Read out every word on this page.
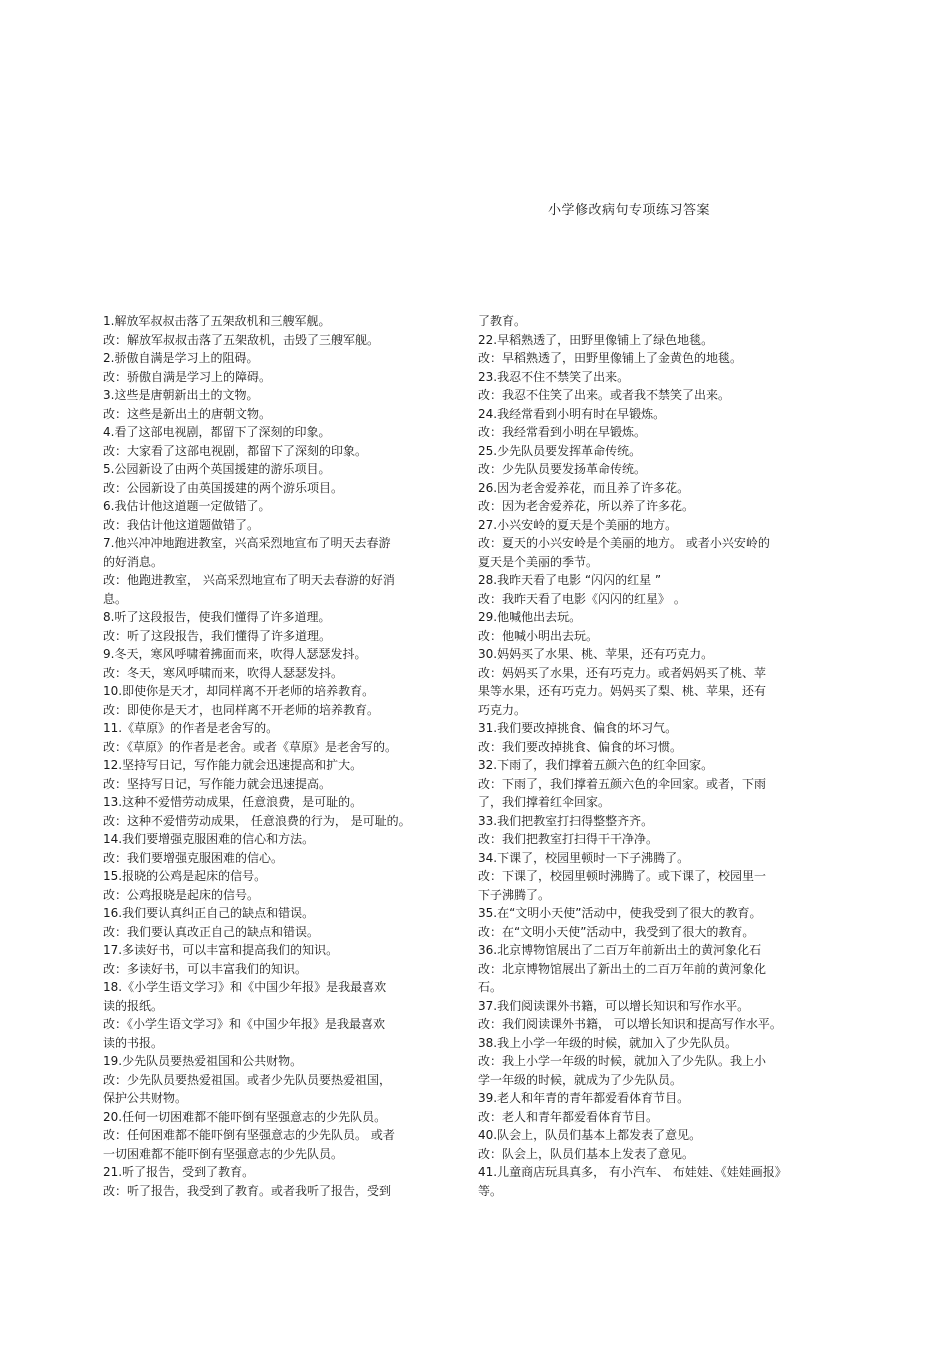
小学修改病句专项练习答案
1.解放军叔叔击落了五架敌机和三艘军舰。
改：解放军叔叔击落了五架敌机，击毁了三艘军舰。
2.骄傲自满是学习上的阻碍。
改：骄傲自满是学习上的障碍。
3.这些是唐朝新出土的文物。
改：这些是新出土的唐朝文物。
4.看了这部电视剧，都留下了深刻的印象。
改：大家看了这部电视剧，都留下了深刻的印象。
5.公园新设了由两个英国援建的游乐项目。
改：公园新设了由英国援建的两个游乐项目。
6.我估计他这道题一定做错了。
改：我估计他这道题做错了。
7.他兴冲冲地跑进教室，兴高采烈地宣布了明天去春游
的好消息。
改：他跑进教室， 兴高采烈地宣布了明天去春游的好消
息。
8.听了这段报告，使我们懂得了许多道理。
改：听了这段报告，我们懂得了许多道理。
9.冬天，寒风呼啸着拂面而来，吹得人瑟瑟发抖。
改：冬天，寒风呼啸而来，吹得人瑟瑟发抖。
10.即使你是天才，却同样离不开老师的培养教育。
改：即使你是天才，也同样离不开老师的培养教育。
11.《草原》的作者是老舍写的。
改：《草原》的作者是老舍。或者《草原》是老舍写的。
12.坚持写日记，写作能力就会迅速提高和扩大。
改：坚持写日记，写作能力就会迅速提高。
13.这种不爱惜劳动成果，任意浪费，是可耻的。
改：这种不爱惜劳动成果， 任意浪费的行为， 是可耻的。
14.我们要增强克服困难的信心和方法。
改：我们要增强克服困难的信心。
15.报晓的公鸡是起床的信号。
改：公鸡报晓是起床的信号。
16.我们要认真纠正自己的缺点和错误。
改：我们要认真改正自己的缺点和错误。
17.多读好书，可以丰富和提高我们的知识。
改：多读好书，可以丰富我们的知识。
18.《小学生语文学习》和《中国少年报》是我最喜欢
读的报纸。
改：《小学生语文学习》和《中国少年报》是我最喜欢
读的书报。
19.少先队员要热爱祖国和公共财物。
改：少先队员要热爱祖国。或者少先队员要热爱祖国，
保护公共财物。
20.任何一切困难都不能吓倒有坚强意志的少先队员。
改：任何困难都不能吓倒有坚强意志的少先队员。 或者
一切困难都不能吓倒有坚强意志的少先队员。
21.听了报告，受到了教育。
改：听了报告，我受到了教育。或者我听了报告，受到
了教育。
22.早稻熟透了，田野里像铺上了绿色地毯。
改：早稻熟透了，田野里像铺上了金黄色的地毯。
23.我忍不住不禁笑了出来。
改：我忍不住笑了出来。或者我不禁笑了出来。
24.我经常看到小明有时在早锻炼。
改：我经常看到小明在早锻炼。
25.少先队员要发挥革命传统。
改：少先队员要发扬革命传统。
26.因为老舍爱养花，而且养了许多花。
改：因为老舍爱养花，所以养了许多花。
27.小兴安岭的夏天是个美丽的地方。
改：夏天的小兴安岭是个美丽的地方。 或者小兴安岭的
夏天是个美丽的季节。
28.我昨天看了电影 “闪闪的红星 ”
改：我昨天看了电影《闪闪的红星》 。
29.他喊他出去玩。
改：他喊小明出去玩。
30.妈妈买了水果、桃、苹果，还有巧克力。
改：妈妈买了水果，还有巧克力。或者妈妈买了桃、苹
果等水果，还有巧克力。妈妈买了梨、桃、苹果，还有
巧克力。
31.我们要改掉挑食、偏食的坏习气。
改：我们要改掉挑食、偏食的坏习惯。
32.下雨了，我们撑着五颜六色的红伞回家。
改：下雨了，我们撑着五颜六色的伞回家。或者，下雨
了，我们撑着红伞回家。
33.我们把教室打扫得整整齐齐。
改：我们把教室打扫得干干净净。
34.下课了，校园里顿时一下子沸腾了。
改：下课了，校园里顿时沸腾了。或下课了，校园里一
下子沸腾了。
35.在“文明小天使”活动中，使我受到了很大的教育。
改：在“文明小天使”活动中，我受到了很大的教育。
36.北京博物馆展出了二百万年前新出土的黄河象化石
改：北京博物馆展出了新出土的二百万年前的黄河象化
石。
37.我们阅读课外书籍，可以增长知识和写作水平。
改：我们阅读课外书籍， 可以增长知识和提高写作水平。
38.我上小学一年级的时候，就加入了少先队员。
改：我上小学一年级的时候，就加入了少先队。我上小
学一年级的时候，就成为了少先队员。
39.老人和年青的青年都爱看体育节目。
改：老人和青年都爱看体育节目。
40.队会上，队员们基本上都发表了意见。
改：队会上，队员们基本上发表了意见。
41.儿童商店玩具真多， 有小汽车、 布娃娃、《娃娃画报》
等。
